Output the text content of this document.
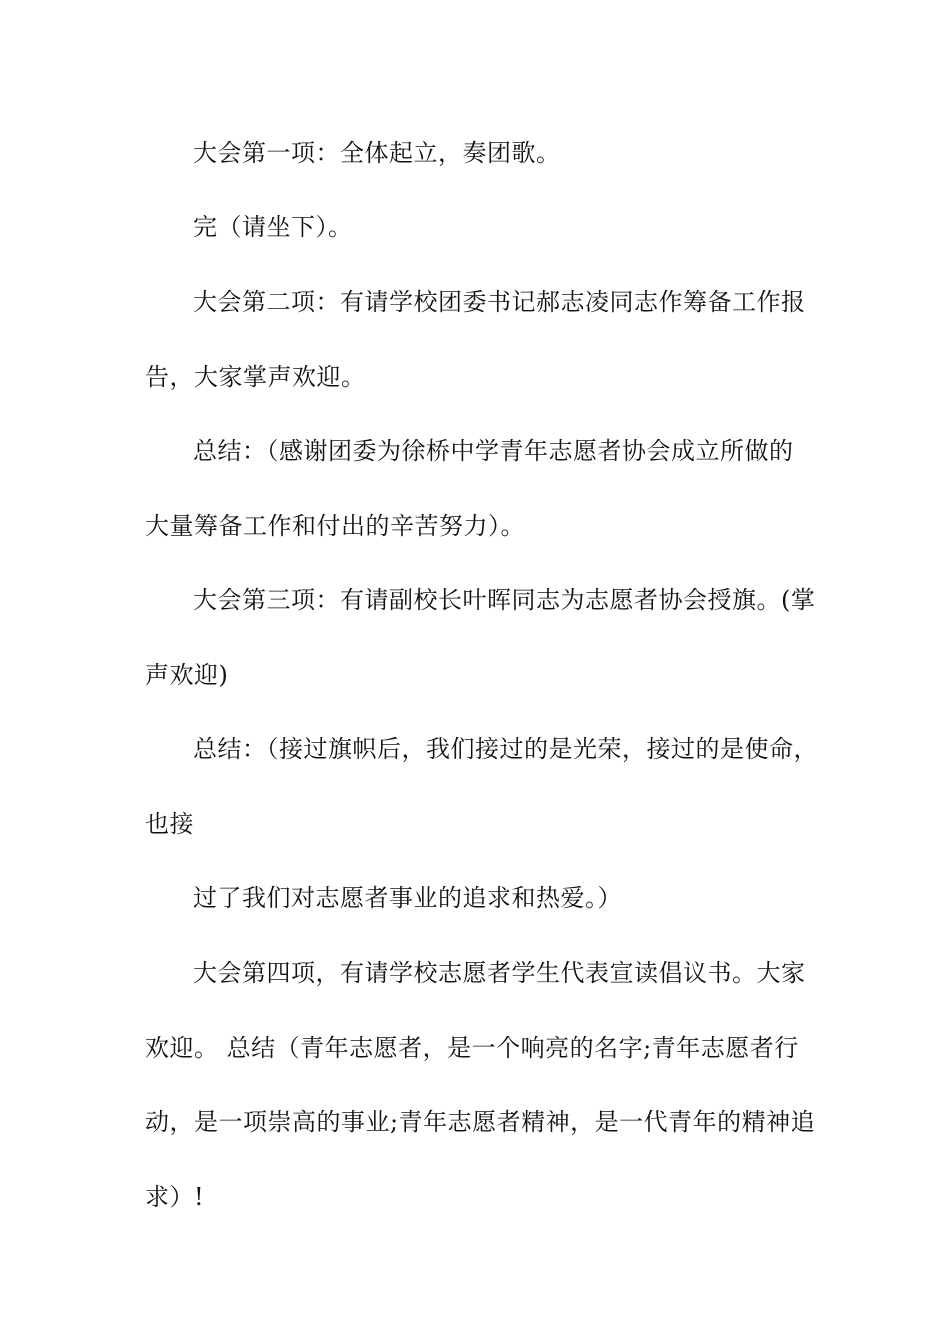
大会第一项：全体起立，奏团歌。
完（请坐下）。
大会第二项：有请学校团委书记郝志凌同志作筹备工作报
告，大家掌声欢迎。
总结：（感谢团委为徐桥中学青年志愿者协会成立所做的
大量筹备工作和付出的辛苦努力）。
大会第三项：有请副校长叶晖同志为志愿者协会授旗。(掌
声欢迎)
总结：（接过旗帜后，我们接过的是光荣，接过的是使命，
也接
过了我们对志愿者事业的追求和热爱。）
大会第四项，有请学校志愿者学生代表宣读倡议书。大家
欢迎。 总结（青年志愿者，是一个响亮的名字;青年志愿者行
动，是一项崇高的事业;青年志愿者精神，是一代青年的精神追
求）!
